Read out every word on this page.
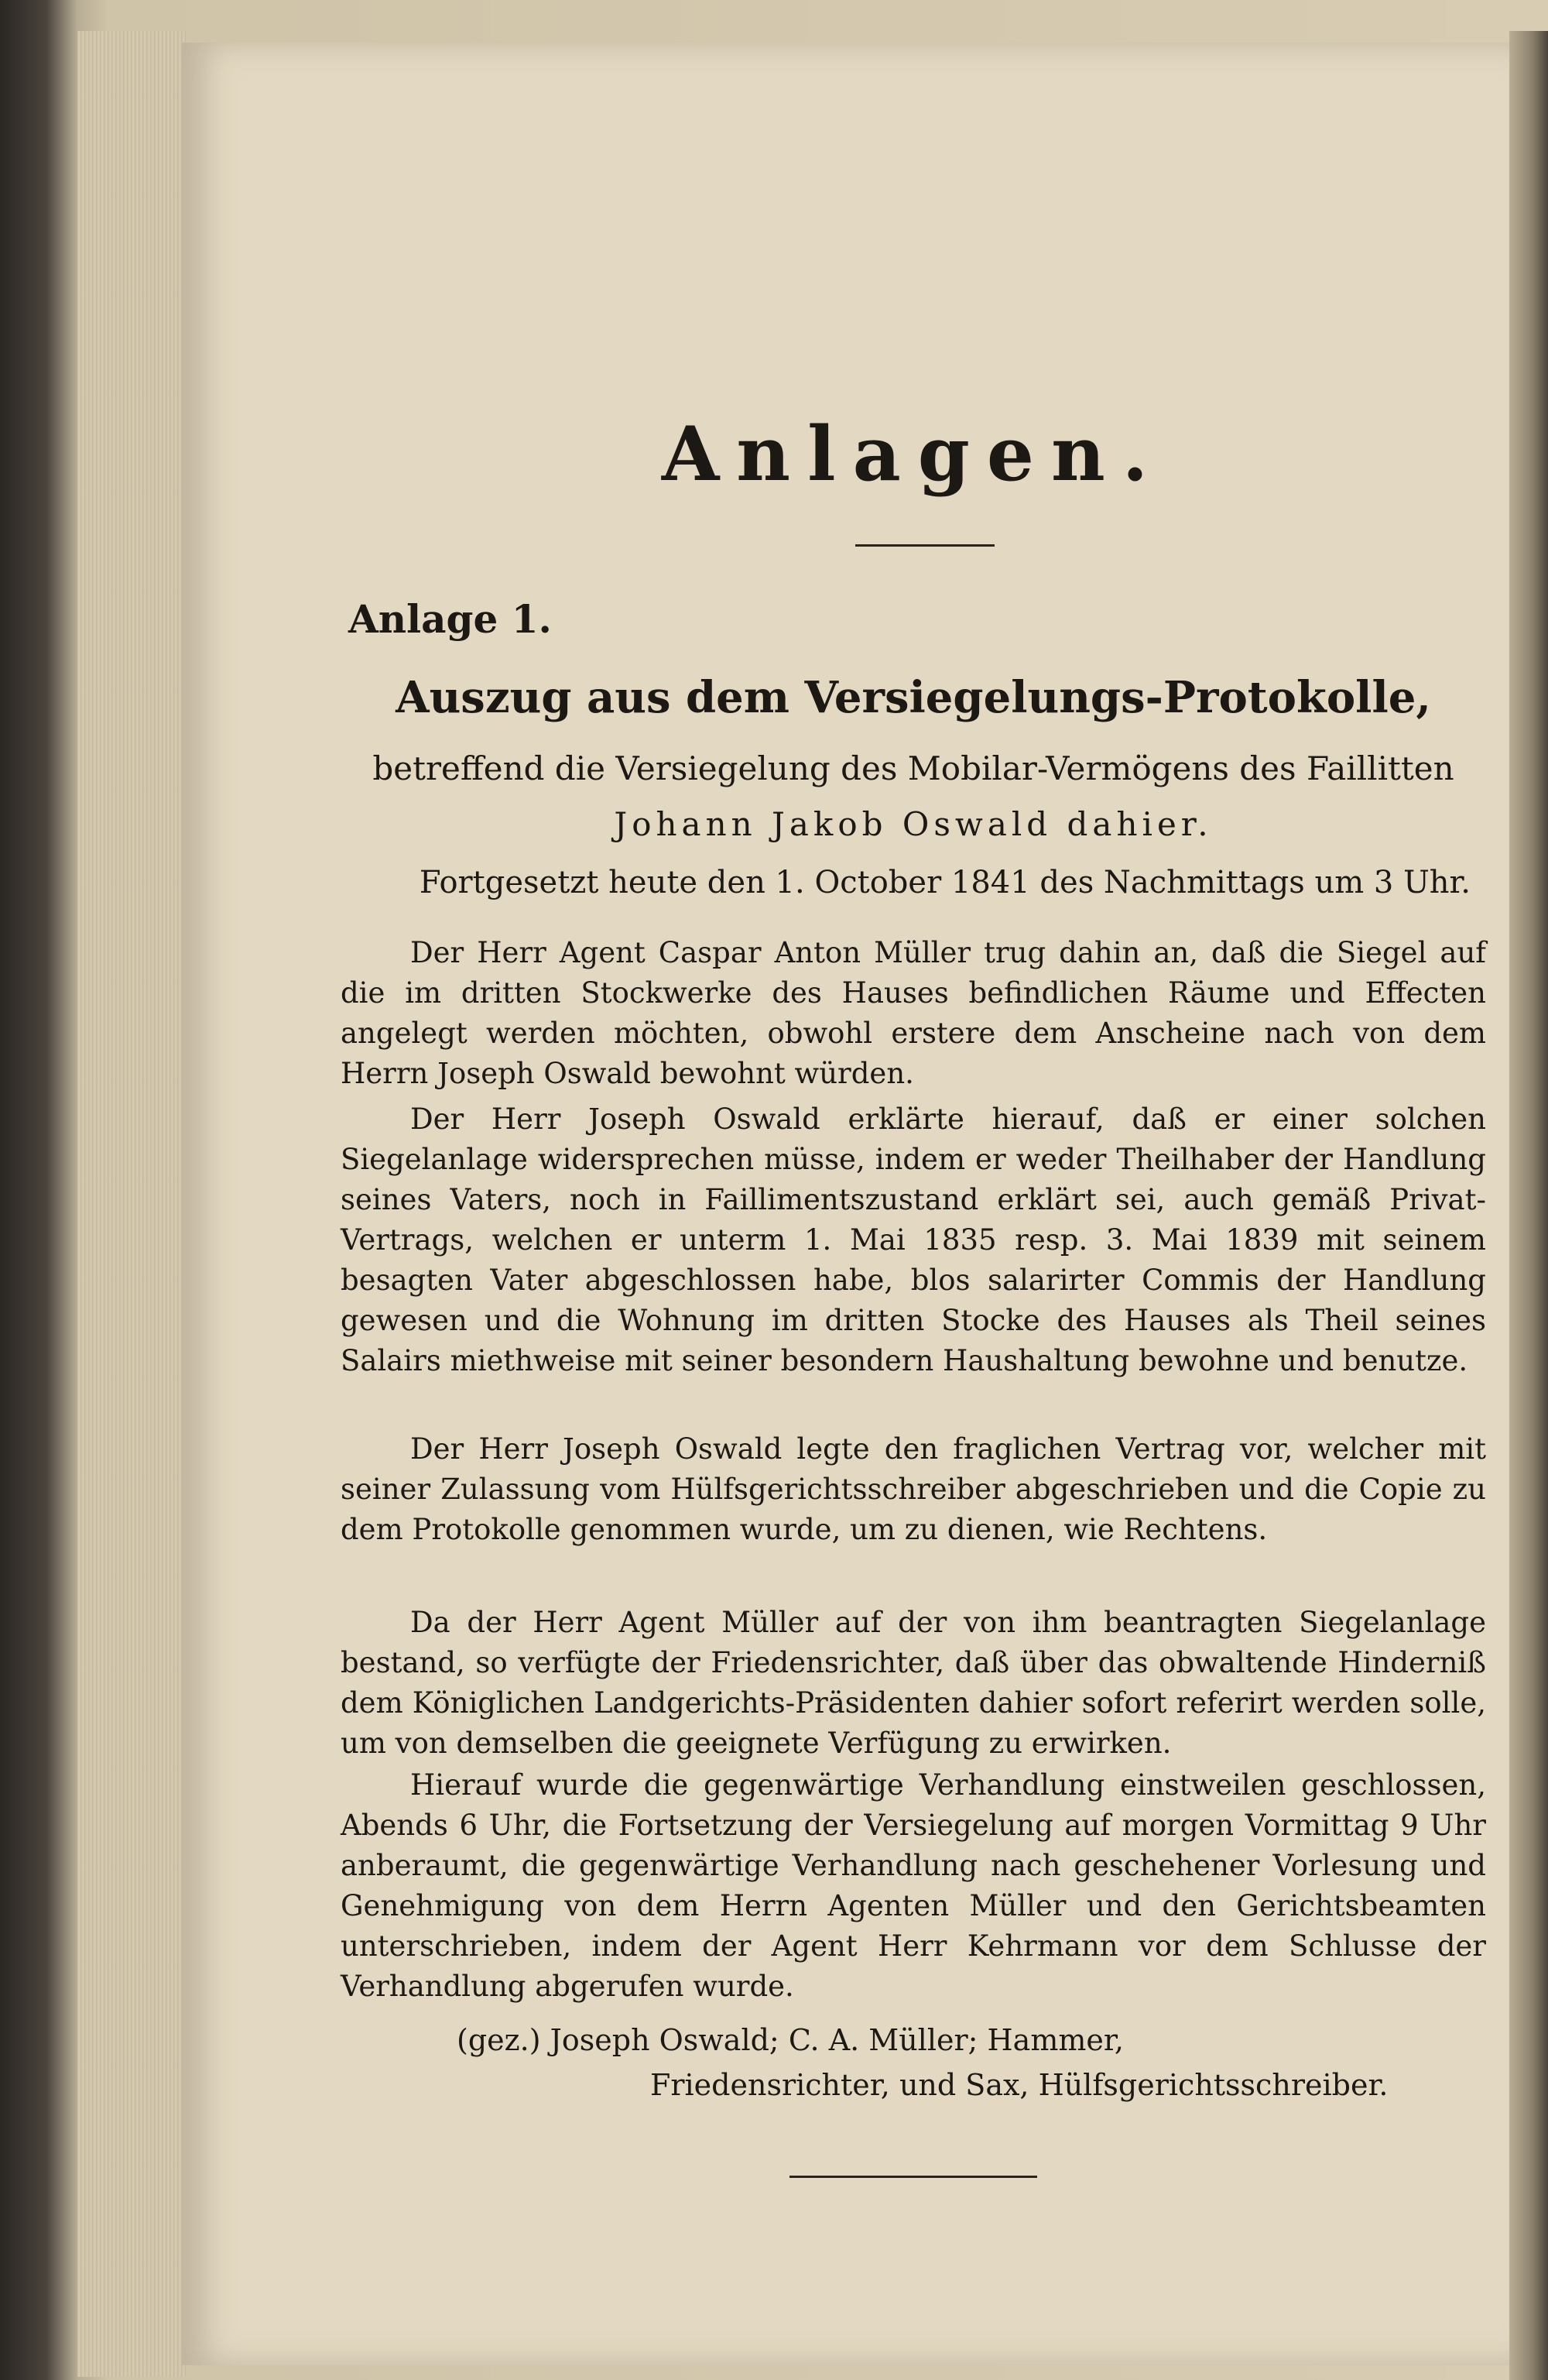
Anlagen.
Anlage 1.
Auszug aus dem Versiegelungs-Protokolle,
betreffend die Versiegelung des Mobilar-Vermögens des Faillitten
Johann Jakob Oswald dahier.
Fortgesetzt heute den 1. October 1841 des Nachmittags um 3 Uhr.
Der Herr Agent Caspar Anton Müller trug dahin an, daß die Siegel auf die im dritten Stockwerke des Hauses befindlichen Räume und Effecten angelegt werden möchten, obwohl erstere dem Anscheine nach von dem Herrn Joseph Oswald bewohnt würden.
Der Herr Joseph Oswald erklärte hierauf, daß er einer solchen Siegelanlage widersprechen müsse, indem er weder Theilhaber der Handlung seines Vaters, noch in Faillimentszustand erklärt sei, auch gemäß Privat-Vertrags, welchen er unterm 1. Mai 1835 resp. 3. Mai 1839 mit seinem besagten Vater abgeschlossen habe, blos salarirter Commis der Handlung gewesen und die Wohnung im dritten Stocke des Hauses als Theil seines Salairs miethweise mit seiner besondern Haushaltung bewohne und benutze.
Der Herr Joseph Oswald legte den fraglichen Vertrag vor, welcher mit seiner Zulassung vom Hülfsgerichtsschreiber abgeschrieben und die Copie zu dem Protokolle genommen wurde, um zu dienen, wie Rechtens.
Da der Herr Agent Müller auf der von ihm beantragten Siegelanlage bestand, so verfügte der Friedensrichter, daß über das obwaltende Hinderniß dem Königlichen Landgerichts-Präsidenten dahier sofort referirt werden solle, um von demselben die geeignete Verfügung zu erwirken.
Hierauf wurde die gegenwärtige Verhandlung einstweilen geschlossen, Abends 6 Uhr, die Fortsetzung der Versiegelung auf morgen Vormittag 9 Uhr anberaumt, die gegenwärtige Verhandlung nach geschehener Vorlesung und Genehmigung von dem Herrn Agenten Müller und den Gerichtsbeamten unterschrieben, indem der Agent Herr Kehrmann vor dem Schlusse der Verhandlung abgerufen wurde.
(gez.) Joseph Oswald; C. A. Müller; Hammer,
Friedensrichter, und Sax, Hülfsgerichtsschreiber.
